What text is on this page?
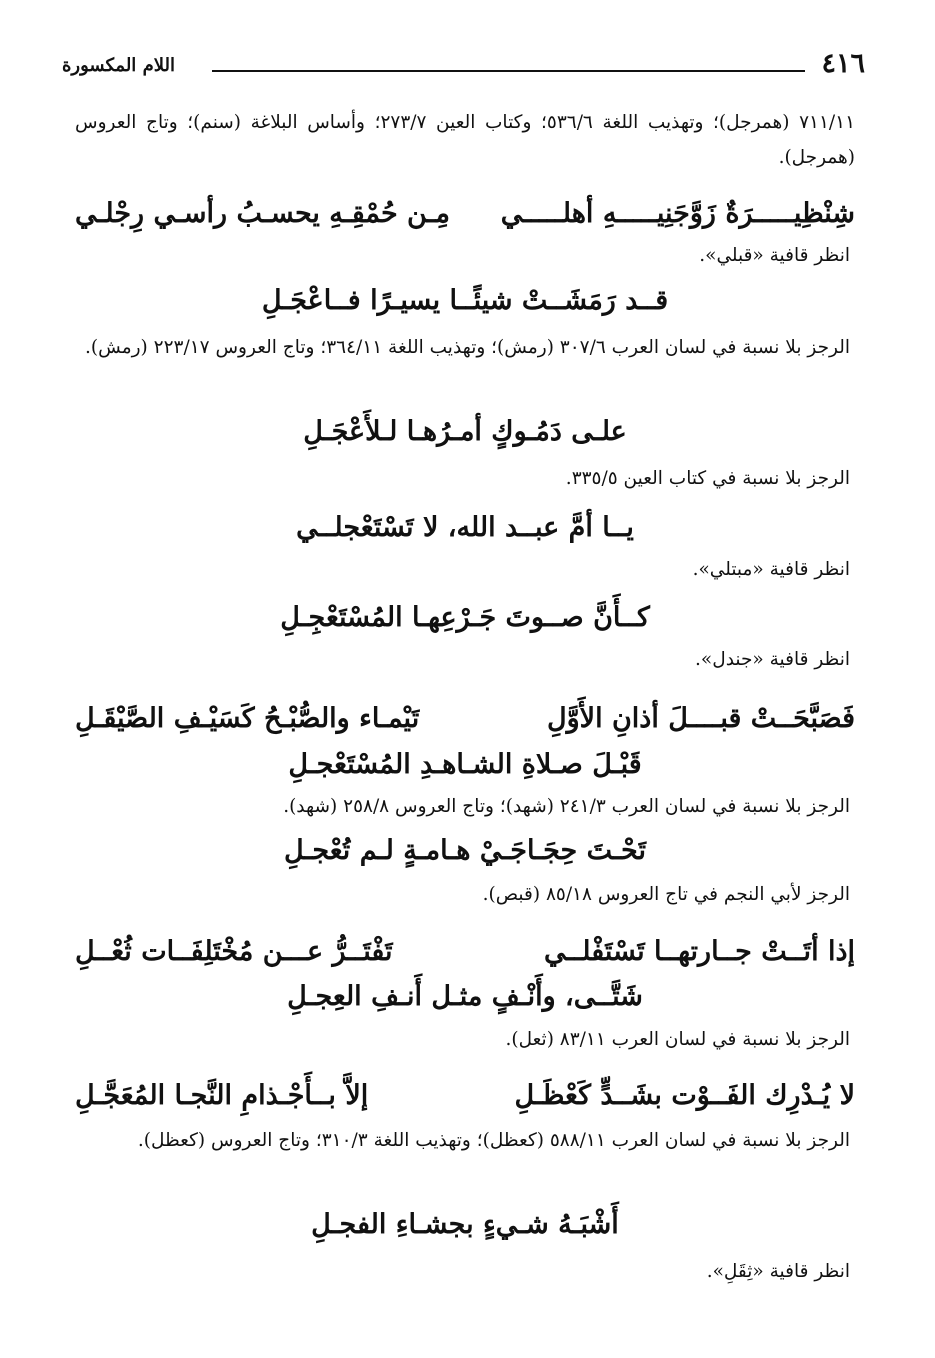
٤١٦
اللام المكسورة
٧١١/١١ (همرجل)؛ وتهذيب اللغة ٥٣٦/٦؛ وكتاب العين ٢٧٣/٧؛ وأساس البلاغة (سنم)؛ وتاج العروس (همرجل).
شِنْظِيـــــرَةٌ زَوَّجَنِيـــــهِ أهلـــــي
مِـن حُمْقِـهِ يحسـبُ رأسـي رِجْلـي
انظر قافية «قبلي».
قــد رَمَشَــتْ شيئًــا يسيـرًا فــاعْجَـلِ
الرجز بلا نسبة في لسان العرب ٣٠٧/٦ (رمش)؛ وتهذيب اللغة ٣٦٤/١١؛ وتاج العروس ٢٢٣/١٧ (رمش).
علـى دَمُـوكٍ أمـرُهـا لـلأَعْجَـلِ
الرجز بلا نسبة في كتاب العين ٣٣٥/٥.
يــا أمَّ عبــد الله، لا تَسْتَعْجلــي
انظر قافية «مبتلي».
كــأَنَّ صــوتَ جَـرْعِهـا المُسْتَعْجِـلِ
انظر قافية «جندل».
فَصَبَّحَــتْ قبــــلَ أذانِ الأَوَّلِ
تَيْمـاء والصُّبْـحُ كَسَيْـفِ الصَّيْقَـلِ
قَبْـلَ صـلاةِ الشـاهـدِ المُسْتَعْجـلِ
الرجز بلا نسبة في لسان العرب ٢٤١/٣ (شهد)؛ وتاج العروس ٢٥٨/٨ (شهد).
تَحْـتَ حِجَـاجَـيْ هـامـةٍ لـم تُعْجـلِ
الرجز لأبي النجم في تاج العروس ٨٥/١٨ (قبص).
إذا أتَــتْ جــارتهــا تَسْتَفْلــي
تَفْتَــرُّ عـــن مُخْتَلِفَــات ثُعْــلِ
شَتَّــى، وأَنْـفٍ مثـل أَنـفِ العِجـلِ
الرجز بلا نسبة في لسان العرب ٨٣/١١ (ثعل).
لا يُـدْرِك الفَــوْت بشَــدٍّ كَعْظَـلِ
إلاَّ بــأَجْـذامِ النَّجـا المُعَجَّـلِ
الرجز بلا نسبة في لسان العرب ٥٨٨/١١ (كعظل)؛ وتهذيب اللغة ٣١٠/٣؛ وتاج العروس (كعظل).
أَشْبَـهُ شـيءٍ بجشـاءِ الفجـلِ
انظر قافية «ثِقَلِ».
